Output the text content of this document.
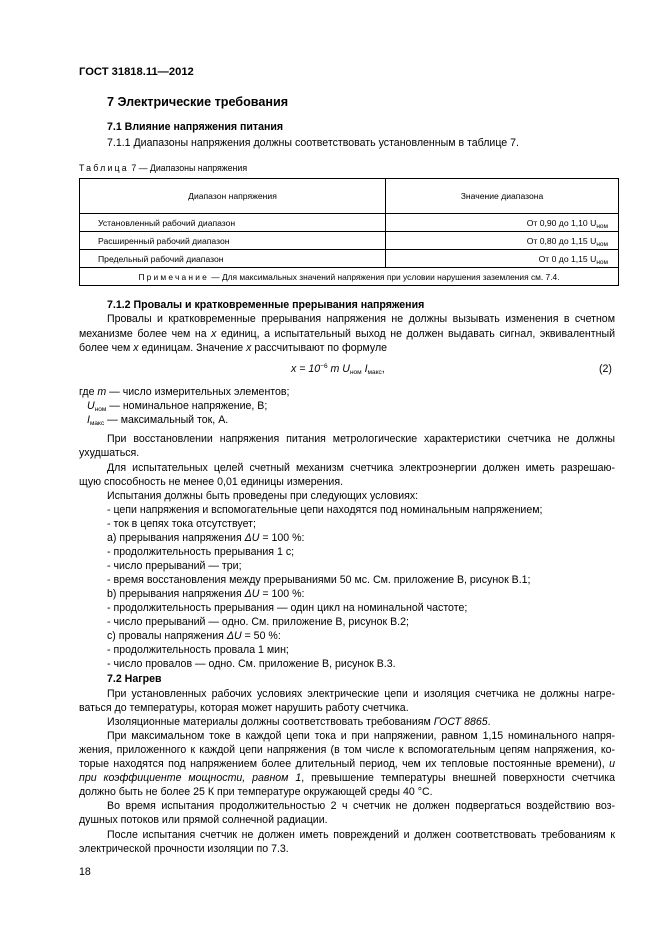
ГОСТ 31818.11—2012
7 Электрические требования
7.1 Влияние напряжения питания
7.1.1 Диапазоны напряжения должны соответствовать установленным в таблице 7.
Таблица 7 — Диапазоны напряжения
Диапазон напряжения	Значение диапазона
Установленный рабочий диапазон	От 0,90 до 1,10 $U_{ном}$
Расширенный рабочий диапазон	От 0,80 до 1,15 $U_{ном}$
Предельный рабочий диапазон	От 0 до 1,15 $U_{ном}$
Примечание — Для максимальных значений напряжения при условии нарушения заземления см. 7.4.	
7.1.2 Провалы и кратковременные прерывания напряжения
Провалы и кратковременные прерывания напряжения не должны вызывать изменения в счетном
механизме более чем на x единиц, а испытательный выход не должен выдавать сигнал, эквивалентный
более чем x единицам. Значение x рассчитывают по формуле
$x = 10^{-6}$ m $U_{ном}$ $I_{макс}$,	(2)
где m — число измерительных элементов;
$U_{ном}$ — номинальное напряжение, В;
$I_{макс}$ — максимальный ток, А.
При восстановлении напряжения питания метрологические характеристики счетчика не должны
ухудшаться.
Для испытательных целей счетный механизм счетчика электроэнергии должен иметь разрешаю-
щую способность не менее 0,01 единицы измерения.
Испытания должны быть проведены при следующих условиях:
- цепи напряжения и вспомогательные цепи находятся под номинальным напряжением;
- ток в цепях тока отсутствует;
а) прерывания напряжения ΔU = 100 %:
- продолжительность прерывания 1 с;
- число прерываний — три;
- время восстановления между прерываниями 50 мс. См. приложение В, рисунок В.1;
b) прерывания напряжения ΔU = 100 %:
- продолжительность прерывания — один цикл на номинальной частоте;
- число прерываний — одно. См. приложение В, рисунок В.2;
с) провалы напряжения ΔU = 50 %:
- продолжительность провала 1 мин;
- число провалов — одно. См. приложение В, рисунок В.3.
7.2 Нагрев
При установленных рабочих условиях электрические цепи и изоляция счетчика не должны нагре-
ваться до температуры, которая может нарушить работу счетчика.
Изоляционные материалы должны соответствовать требованиям ГОСТ 8865.
При максимальном токе в каждой цепи тока и при напряжении, равном 1,15 номинального напря-
жения, приложенного к каждой цепи напряжения (в том числе к вспомогательным цепям напряжения, ко-
торые находятся под напряжением более длительный период, чем их тепловые постоянные времени), и
при коэффициенте мощности, равном 1, превышение температуры внешней поверхности счетчика
должно быть не более 25 К при температуре окружающей среды 40 °С.
Во время испытания продолжительностью 2 ч счетчик не должен подвергаться воздействию воз-
душных потоков или прямой солнечной радиации.
После испытания счетчик не должен иметь повреждений и должен соответствовать требованиям к
электрической прочности изоляции по 7.3.
18
